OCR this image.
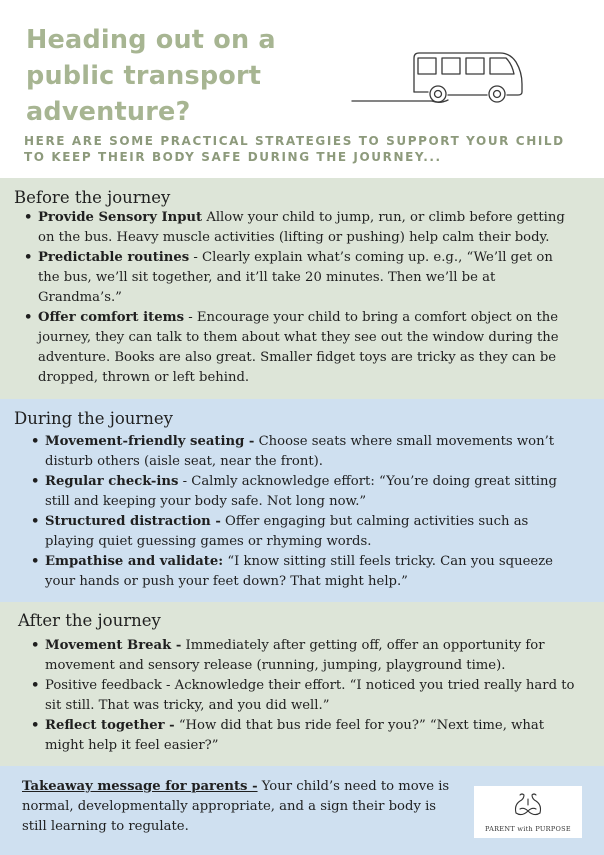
Heading out on a public transport adventure?
HERE ARE SOME PRACTICAL STRATEGIES TO SUPPORT YOUR CHILD TO KEEP THEIR BODY SAFE DURING THE JOURNEY...
Before the journey
• Provide Sensory Input Allow your child to jump, run, or climb before getting on the bus. Heavy muscle activities (lifting or pushing) help calm their body.
• Predictable routines - Clearly explain what’s coming up. e.g., “We’ll get on the bus, we’ll sit together, and it’ll take 20 minutes. Then we’ll be at Grandma’s.”
• Offer comfort items - Encourage your child to bring a comfort object on the journey, they can talk to them about what they see out the window during the adventure. Books are also great. Smaller fidget toys are tricky as they can be dropped, thrown or left behind.
During the journey
• Movement-friendly seating - Choose seats where small movements won’t disturb others (aisle seat, near the front).
• Regular check-ins - Calmly acknowledge effort: “You’re doing great sitting still and keeping your body safe. Not long now.”
• Structured distraction - Offer engaging but calming activities such as playing quiet guessing games or rhyming words.
• Empathise and validate: “I know sitting still feels tricky. Can you squeeze your hands or push your feet down? That might help.”
After the journey
• Movement Break - Immediately after getting off, offer an opportunity for movement and sensory release (running, jumping, playground time).
• Positive feedback - Acknowledge their effort. “I noticed you tried really hard to sit still. That was tricky, and you did well.”
• Reflect together - “How did that bus ride feel for you?” “Next time, what might help it feel easier?”
Takeaway message for parents - Your child’s need to move is normal, developmentally appropriate, and a sign their body is still learning to regulate.	PARENT with PURPOSE
